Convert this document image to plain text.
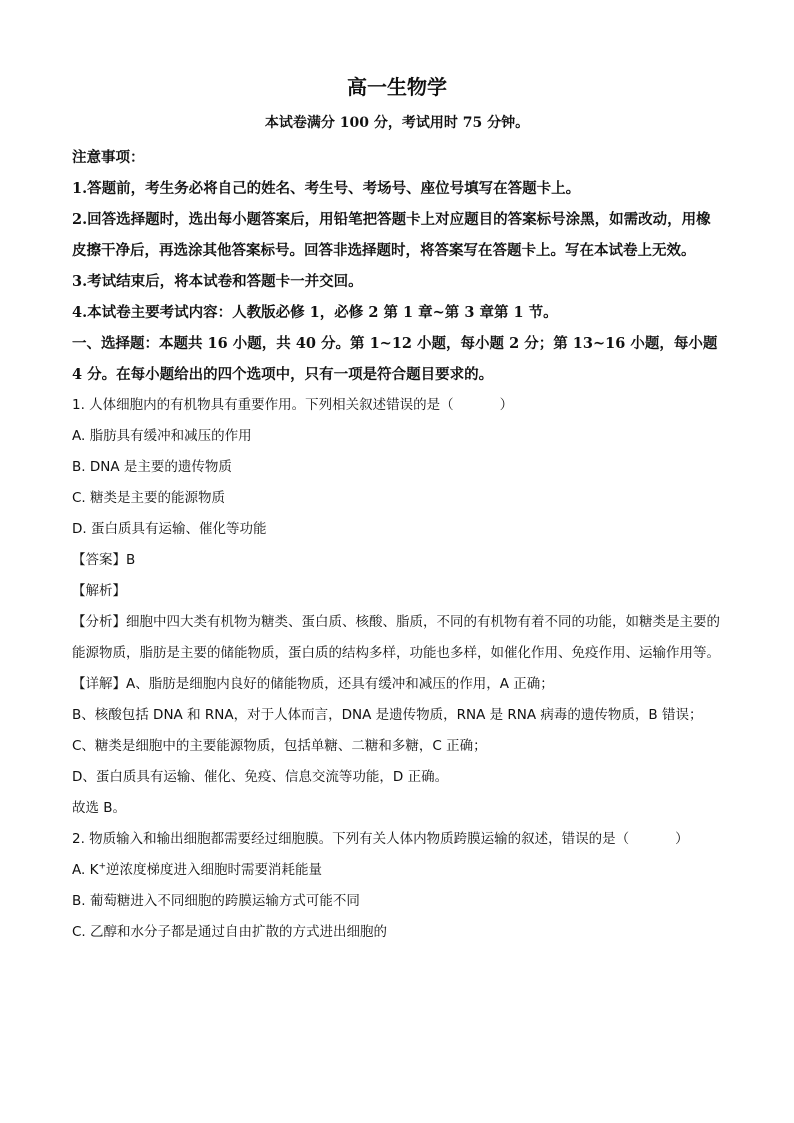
高一生物学

本试卷满分 100 分，考试用时 75 分钟。

注意事项：

1.答题前，考生务必将自己的姓名、考生号、考场号、座位号填写在答题卡上。

2.回答选择题时，选出每小题答案后，用铅笔把答题卡上对应题目的答案标号涂黑，如需改动，用橡皮擦干净后，再选涂其他答案标号。回答非选择题时，将答案写在答题卡上。写在本试卷上无效。

3.考试结束后，将本试卷和答题卡一并交回。

4.本试卷主要考试内容：人教版必修 1，必修 2 第 1 章~第 3 章第 1 节。

一、选择题：本题共 16 小题，共 40 分。第 1~12 小题，每小题 2 分；第 13~16 小题，每小题 4 分。在每小题给出的四个选项中，只有一项是符合题目要求的。

1. 人体细胞内的有机物具有重要作用。下列相关叙述错误的是（	）

A. 脂肪具有缓冲和减压的作用

B. DNA 是主要的遗传物质

C. 糖类是主要的能源物质

D. 蛋白质具有运输、催化等功能

【答案】B

【解析】

【分析】细胞中四大类有机物为糖类、蛋白质、核酸、脂质，不同的有机物有着不同的功能，如糖类是主要的能源物质，脂肪是主要的储能物质，蛋白质的结构多样，功能也多样，如催化作用、免疫作用、运输作用等。

【详解】A、脂肪是细胞内良好的储能物质，还具有缓冲和减压的作用，A 正确；

B、核酸包括 DNA 和 RNA，对于人体而言，DNA 是遗传物质，RNA 是 RNA 病毒的遗传物质，B 错误；

C、糖类是细胞中的主要能源物质，包括单糖、二糖和多糖，C 正确；

D、蛋白质具有运输、催化、免疫、信息交流等功能，D 正确。

故选 B。

2. 物质输入和输出细胞都需要经过细胞膜。下列有关人体内物质跨膜运输的叙述，错误的是（	）

A. K+逆浓度梯度进入细胞时需要消耗能量

B. 葡萄糖进入不同细胞的跨膜运输方式可能不同

C. 乙醇和水分子都是通过自由扩散的方式进出细胞的
